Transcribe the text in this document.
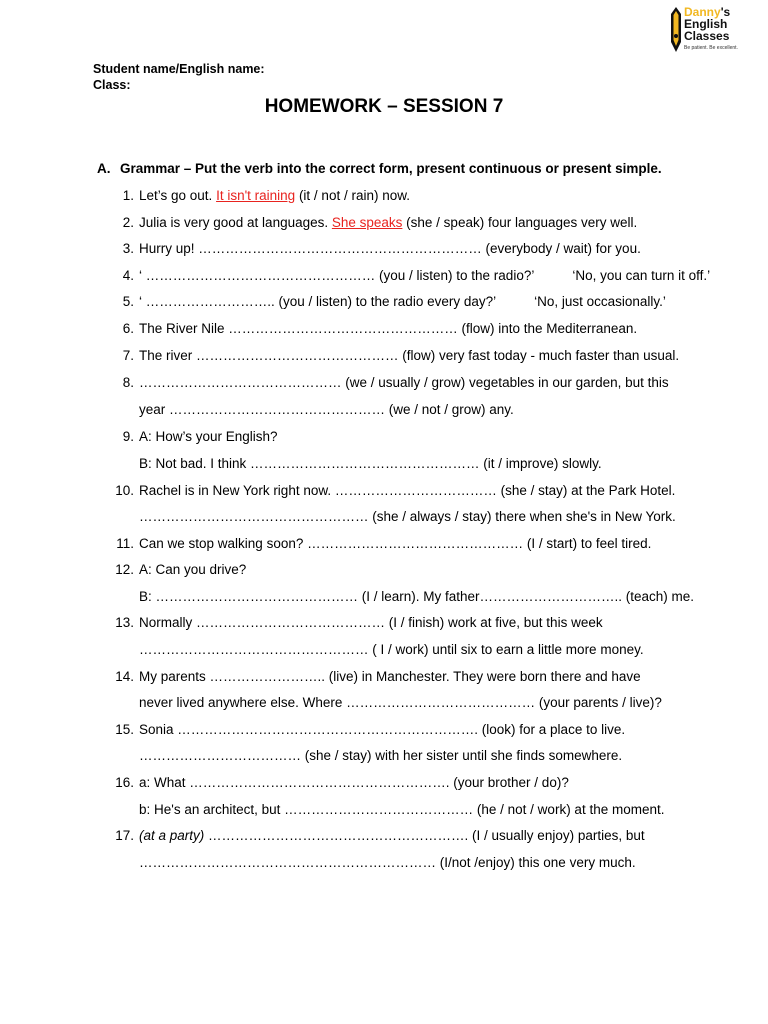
Danny's
English
Classes
Be patient. Be excellent.
Student name/English name:
Class:
HOMEWORK – SESSION 7
A. Grammar – Put the verb into the correct form, present continuous or present simple.
1. Let’s go out. It isn't raining (it / not / rain) now.
2. Julia is very good at languages. She speaks (she / speak) four languages very well.
3. Hurry up! ……………………………………………………… (everybody / wait) for you.
4. ‘ …………………………………………… (you / listen) to the radio?’	‘No, you can turn it off.’
5. ‘ ……………………….. (you / listen) to the radio every day?’	‘No, just occasionally.’
6. The River Nile …………………………………………… (flow) into the Mediterranean.
7. The river ……………………………………… (flow) very fast today - much faster than usual.
8. ……………………………………… (we / usually / grow) vegetables in our garden, but this
year ………………………………………… (we / not / grow) any.
9. A: How’s your English?
B: Not bad. I think …………………………………………… (it / improve) slowly.
10. Rachel is in New York right now. ……………………………… (she / stay) at the Park Hotel.
…………………………………………… (she / always / stay) there when she's in New York.
11. Can we stop walking soon? ………………………………………… (I / start) to feel tired.
12. A: Can you drive?
B: ……………………………………… (I / learn). My father………………………….. (teach) me.
13. Normally …………………………………… (I / finish) work at five, but this week
…………………………………………… ( I / work) until six to earn a little more money.
14. My parents …………………….. (live) in Manchester. They were born there and have
never lived anywhere else. Where …………………………………… (your parents / live)?
15. Sonia …………………………………………………………. (look) for a place to live.
……………………………… (she / stay) with her sister until she finds somewhere.
16. a: What …………………………………………………. (your brother / do)?
b: He's an architect, but …………………………………… (he / not / work) at the moment.
17. (at a party) …………………………………………………. (I / usually enjoy) parties, but
………………………………………………………… (I/not /enjoy) this one very much.
